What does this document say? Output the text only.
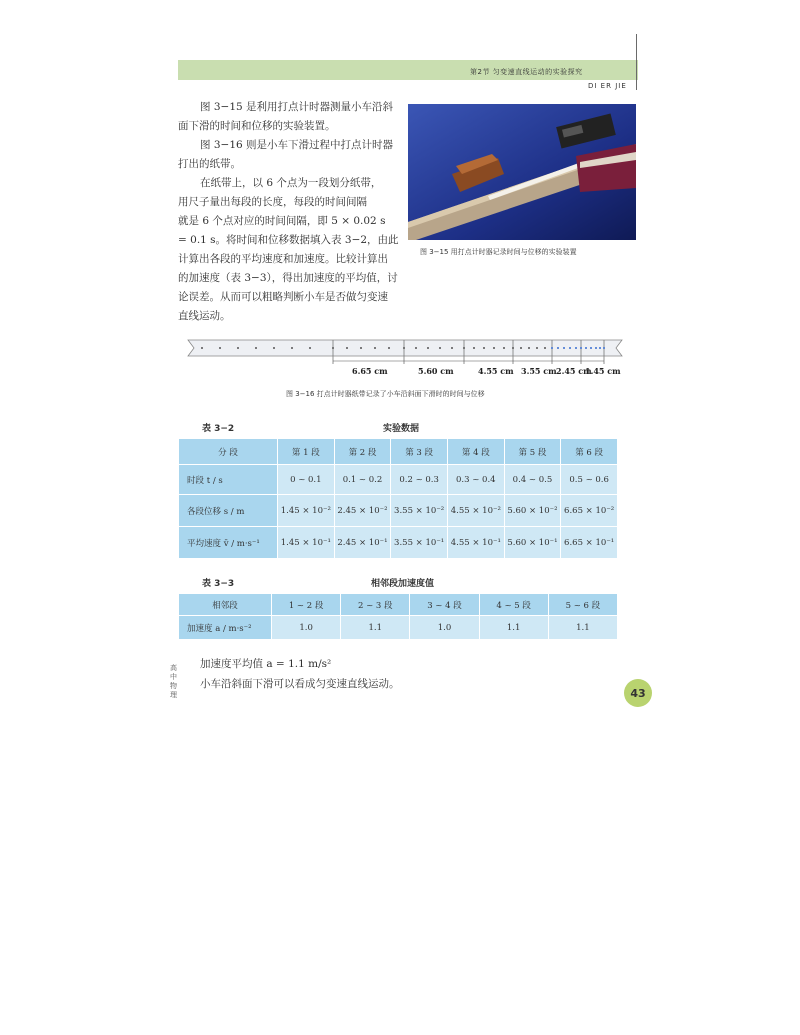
第2节 匀变速直线运动的实验探究
DI ER JIE

图 3−15 是利用打点计时器测量小车沿斜

面下滑的时间和位移的实验装置。

图 3−16 则是小车下滑过程中打点计时器

打出的纸带。

在纸带上，以 6 个点为一段划分纸带，

用尺子量出每段的长度，每段的时间间隔

就是 6 个点对应的时间间隔，即 5 × 0.02 s

= 0.1 s。将时间和位移数据填入表 3−2，由此

计算出各段的平均速度和加速度。比较计算出

的加速度（表 3−3），得出加速度的平均值，讨

论误差。从而可以粗略判断小车是否做匀变速

直线运动。

图 3−15 用打点计时器记录时间与位移的实验装置
6.65 cm	5.60 cm	4.55 cm 3.55 cm 2.45 cm
1.45 cm
图 3−16 打点计时器纸带记录了小车沿斜面下滑时的时间与位移
表 3−2	实验数据
分 段	第 1 段	第 2 段	第 3 段	第 4 段	第 5 段	第 6 段
时段 t / s	0 ~ 0.1	0.1 ~ 0.2	0.2 ~ 0.3	0.3 ~ 0.4	0.4 ~ 0.5	0.5 ~ 0.6
各段位移 s / m	1.45 × 10⁻²	2.45 × 10⁻²	3.55 × 10⁻²	4.55 × 10⁻²	5.60 × 10⁻²	6.65 × 10⁻²
平均速度 v̄ / m·s⁻¹	1.45 × 10⁻¹	2.45 × 10⁻¹	3.55 × 10⁻¹	4.55 × 10⁻¹	5.60 × 10⁻¹	6.65 × 10⁻¹
表 3−3	相邻段加速度值
相邻段	1 ~ 2 段	2 ~ 3 段	3 ~ 4 段	4 ~ 5 段	5 ~ 6 段
加速度 a / m·s⁻²	1.0	1.1	1.0	1.1	1.1
加速度平均值 a = 1.1 m/s²
小车沿斜面下滑可以看成匀变速直线运动。
高中物理	43
